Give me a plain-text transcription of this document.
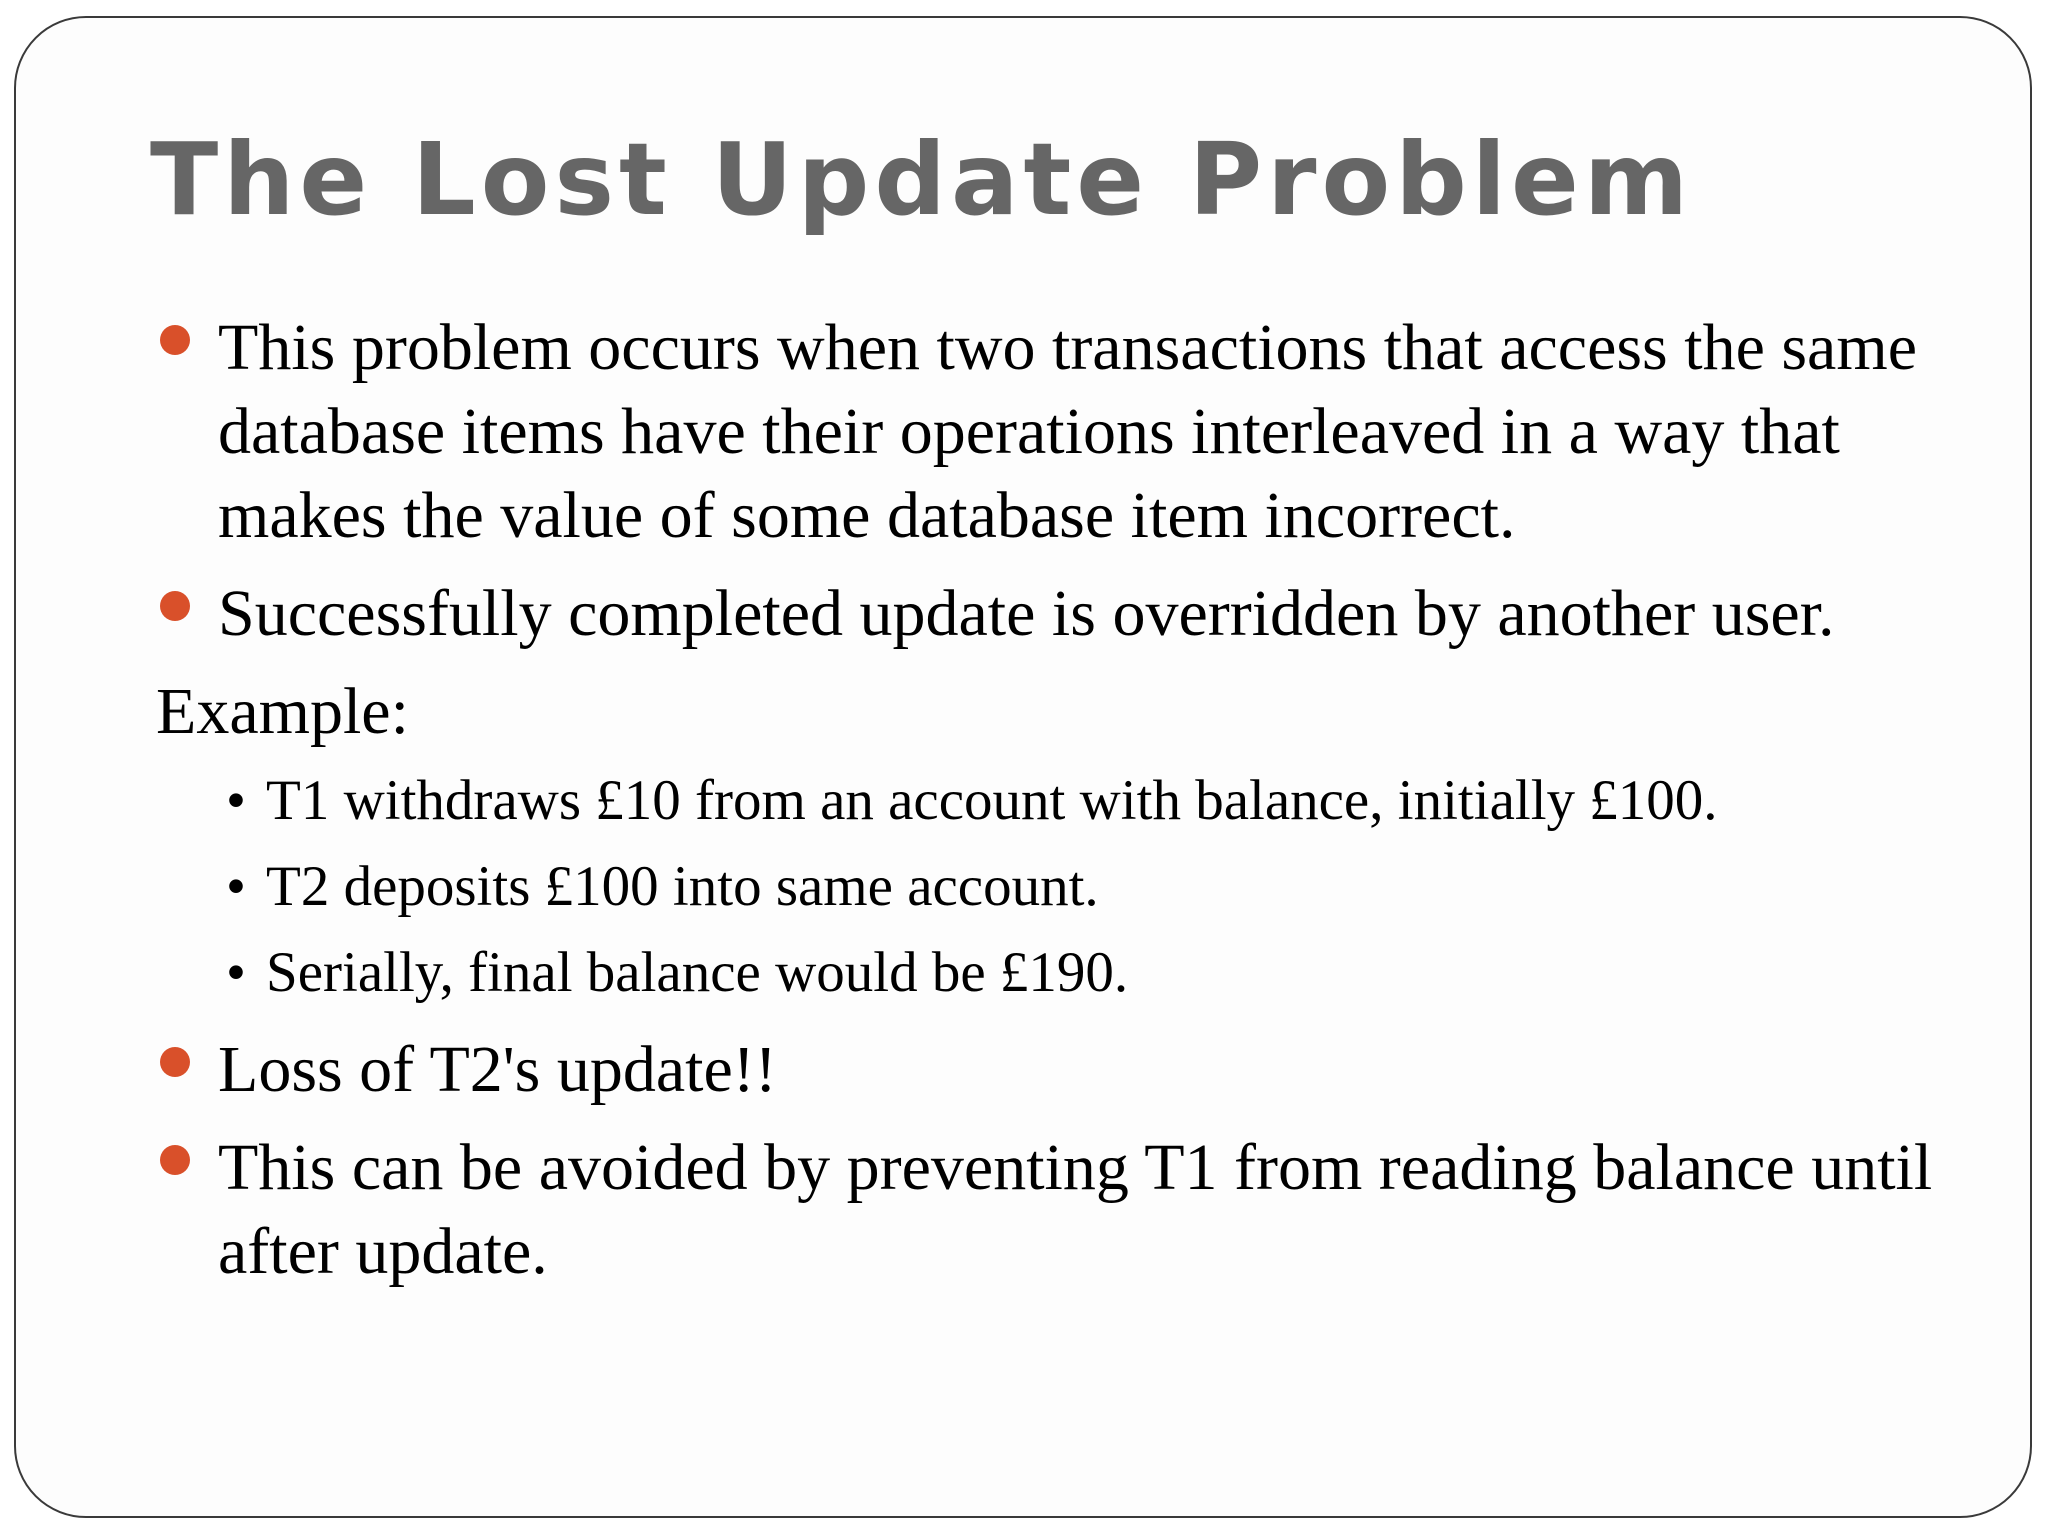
The Lost Update Problem
This problem occurs when two transactions that access the same database items have their operations interleaved in a way that makes the value of some database item incorrect.
Successfully completed update is overridden by another user.
Example:
• T1 withdraws £10 from an account with balance, initially £100.
• T2 deposits £100 into same account.
• Serially, final balance would be £190.
Loss of T2's update!!
This can be avoided by preventing T1 from reading balance until after update.
